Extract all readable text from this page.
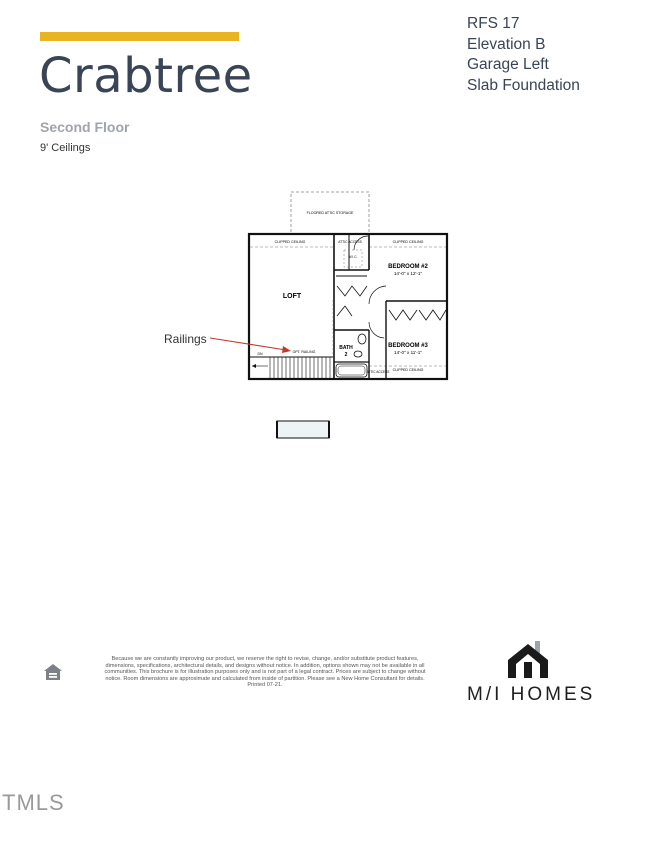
Crabtree
Second Floor
9' Ceilings
RFS 17
Elevation B
Garage Left
Slab Foundation
Railings
FLOORED ATTIC STORAGE
CLIPPED CEILING	CLIPPED CEILING
CLIPPED CEILING
W.I.C.
ATTIC ACCESS
LOFT
BEDROOM #2
14'-0" x 12'-1"
BEDROOM #3
14'-0" x 11'-1"
BATH
2
ATTIC ACCESS
DN	OPT. RAILING
Because we are constantly improving our product, we reserve the right to revise, change, and/or substitute product features, dimensions, specifications, architectural details, and designs without notice. In addition, options shown may not be available in all communities. This brochure is for illustration purposes only and is not part of a legal contract. Prices are subject to change without notice. Room dimensions are approximate and calculated from inside of partition. Please see a New Home Consultant for details. Printed 07-21.	M/I HOMES
TMLS
